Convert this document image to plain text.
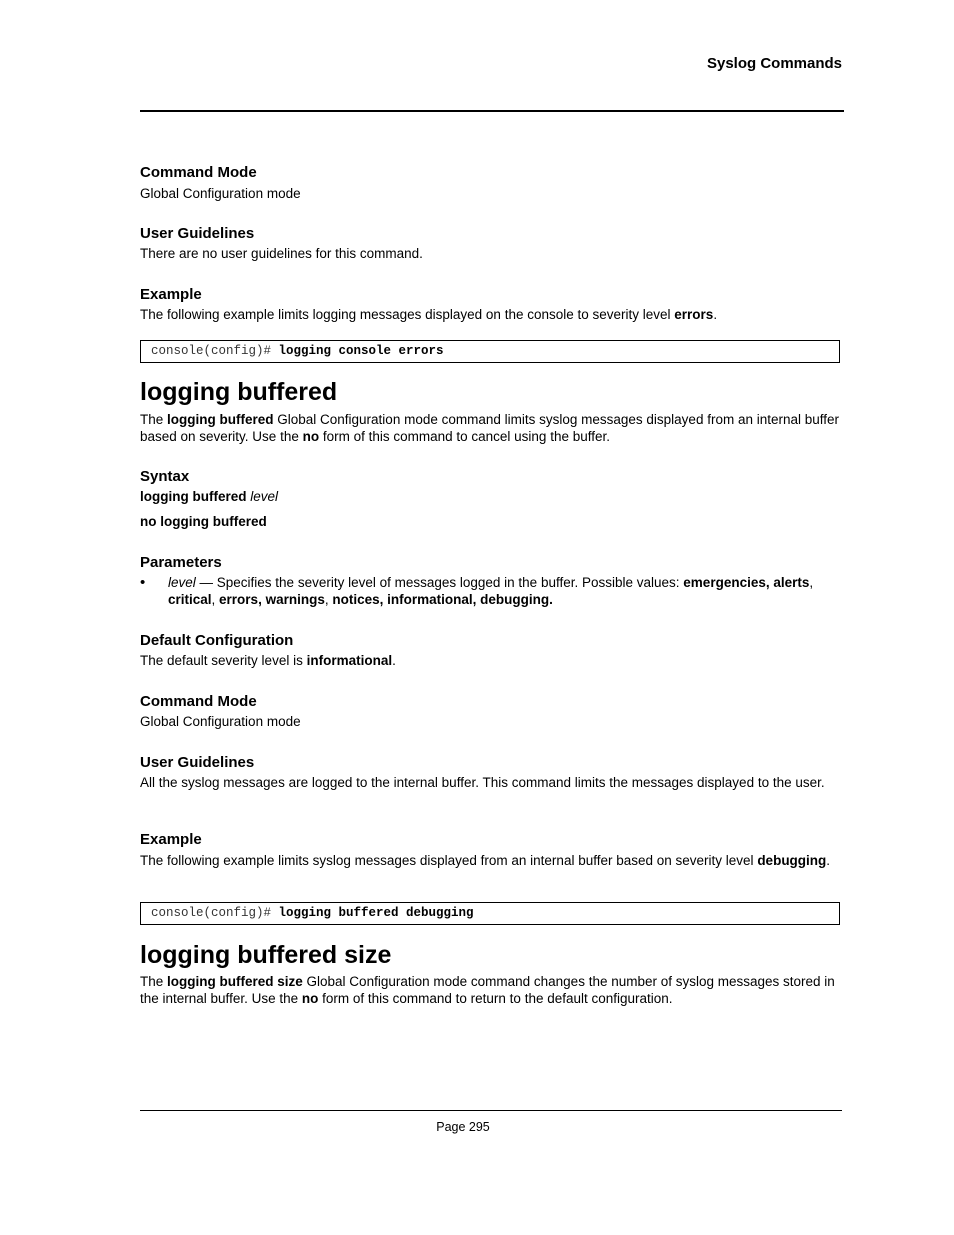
Syslog Commands
Command Mode
Global Configuration mode
User Guidelines
There are no user guidelines for this command.
Example
The following example limits logging messages displayed on the console to severity level errors.
console(config)# logging console errors
logging buffered
The logging buffered Global Configuration mode command limits syslog messages displayed from an internal buffer based on severity. Use the no form of this command to cancel using the buffer.
Syntax
logging buffered level
no logging buffered
Parameters
• level — Specifies the severity level of messages logged in the buffer. Possible values: emergencies, alerts, critical, errors, warnings, notices, informational, debugging.
Default Configuration
The default severity level is informational.
Command Mode
Global Configuration mode
User Guidelines
All the syslog messages are logged to the internal buffer. This command limits the messages displayed to the user.
Example
The following example limits syslog messages displayed from an internal buffer based on severity level debugging.
console(config)# logging buffered debugging
logging buffered size
The logging buffered size Global Configuration mode command changes the number of syslog messages stored in the internal buffer. Use the no form of this command to return to the default configuration.
Page 295
